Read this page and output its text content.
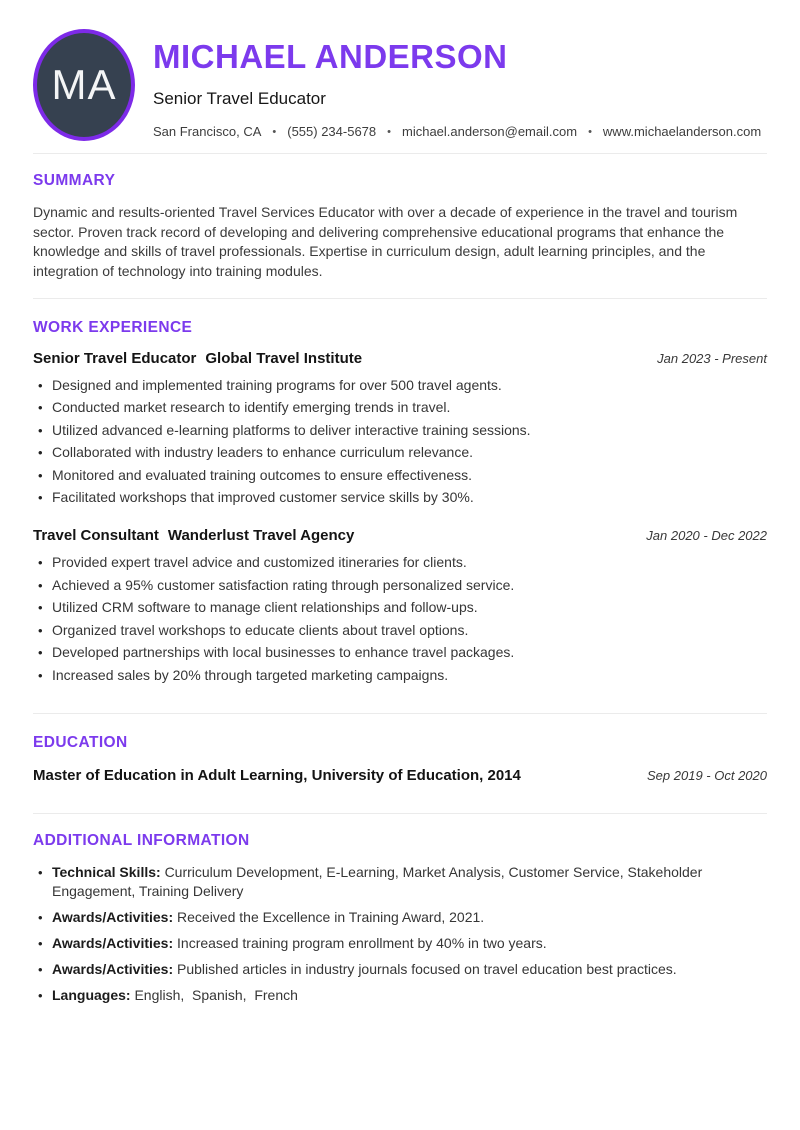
MA
MICHAEL ANDERSON
Senior Travel Educator
San Francisco, CA • (555) 234-5678 • michael.anderson@email.com • www.michaelanderson.com
SUMMARY

Dynamic and results-oriented Travel Services Educator with over a decade of experience in the travel and tourism sector. Proven track record of developing and delivering comprehensive educational programs that enhance the knowledge and skills of travel professionals. Expertise in curriculum design, adult learning principles, and the integration of technology into training modules.

WORK EXPERIENCE
Senior Travel Educator Global Travel Institute	Jan 2023 - Present
• Designed and implemented training programs for over 500 travel agents.
• Conducted market research to identify emerging trends in travel.
• Utilized advanced e-learning platforms to deliver interactive training sessions.
• Collaborated with industry leaders to enhance curriculum relevance.
• Monitored and evaluated training outcomes to ensure effectiveness.
• Facilitated workshops that improved customer service skills by 30%.
Travel Consultant Wanderlust Travel Agency	Jan 2020 - Dec 2022
• Provided expert travel advice and customized itineraries for clients.
• Achieved a 95% customer satisfaction rating through personalized service.
• Utilized CRM software to manage client relationships and follow-ups.
• Organized travel workshops to educate clients about travel options.
• Developed partnerships with local businesses to enhance travel packages.
• Increased sales by 20% through targeted marketing campaigns.
EDUCATION
Master of Education in Adult Learning, University of Education, 2014	Sep 2019 - Oct 2020
ADDITIONAL INFORMATION
• Technical Skills: Curriculum Development, E-Learning, Market Analysis, Customer Service, Stakeholder Engagement, Training Delivery
• Awards/Activities: Received the Excellence in Training Award, 2021.
• Awards/Activities: Increased training program enrollment by 40% in two years.
• Awards/Activities: Published articles in industry journals focused on travel education best practices.
• Languages: English,  Spanish,  French
